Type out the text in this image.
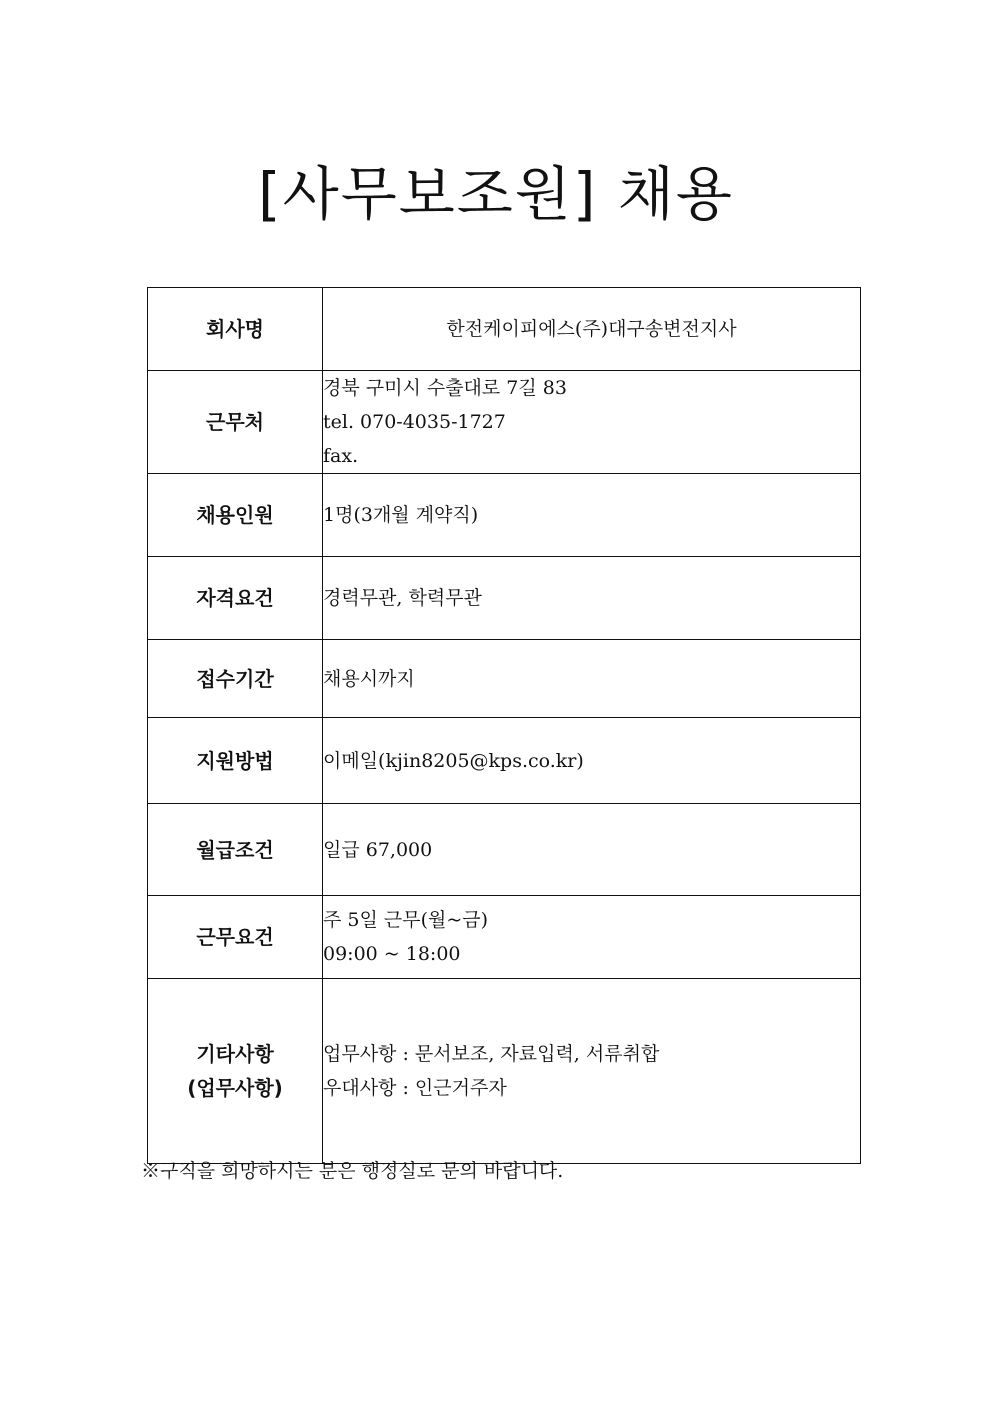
[사무보조원] 채용
회사명	한전케이피에스(주)대구송변전지사

근무처	경북 구미시 수출대로 7길 83
tel. 070-4035-1727
fax.

채용인원	1명(3개월 계약직)

자격요건	경력무관, 학력무관

접수기간	채용시까지

지원방법	이메일(kjin8205@kps.co.kr)

월급조건	일급 67,000

근무요건	주 5일 근무(월~금)
09:00 ~ 18:00

기타사항
(업무사항)	업무사항 : 문서보조, 자료입력, 서류취합
우대사항 : 인근거주자
※구직을 희망하시는 분은 행정실로 문의 바랍니다.
